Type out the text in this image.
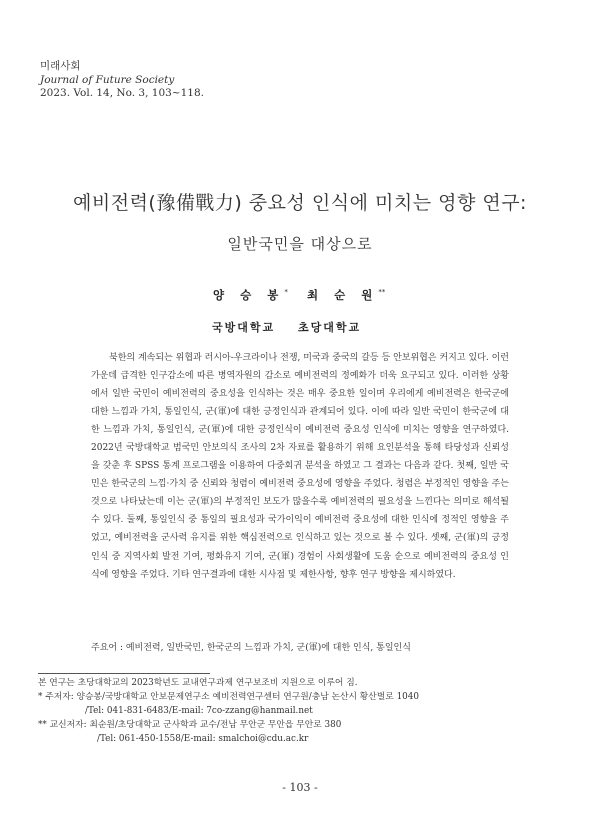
미래사회
Journal of Future Society
2023. Vol. 14, No. 3, 103~118.
예비전력(豫備戰力) 중요성 인식에 미치는 영향 연구:
일반국민을 대상으로
양 승 봉* 최 순 원**
국방대학교 초당대학교
북한의 계속되는 위협과 러시아-우크라이나 전쟁, 미국과 중국의 갈등 등 안보위협은 커지고 있다. 이런 가운데 급격한 인구감소에 따른 병역자원의 감소로 예비전력의 정예화가 더욱 요구되고 있다. 이러한 상황에서 일반 국민이 예비전력의 중요성을 인식하는 것은 매우 중요한 일이며 우리에게 예비전력은 한국군에 대한 느낌과 가치, 통일인식, 군(軍)에 대한 긍정인식과 관계되어 있다. 이에 따라 일반 국민이 한국군에 대한 느낌과 가치, 통일인식, 군(軍)에 대한 긍정인식이 예비전력 중요성 인식에 미치는 영향을 연구하였다. 2022년 국방대학교 범국민 안보의식 조사의 2차 자료를 활용하기 위해 요인분석을 통해 타당성과 신뢰성을 갖춘 후 SPSS 통계 프로그램을 이용하여 다중회귀 분석을 하였고 그 결과는 다음과 같다. 첫째, 일반 국민은 한국군의 느낌·가치 중 신뢰와 청렴이 예비전력 중요성에 영향을 주었다. 청렴은 부정적인 영향을 주는 것으로 나타났는데 이는 군(軍)의 부정적인 보도가 많을수록 예비전력의 필요성을 느낀다는 의미로 해석될 수 있다. 둘째, 통일인식 중 통일의 필요성과 국가이익이 예비전력 중요성에 대한 인식에 정적인 영향을 주었고, 예비전력을 군사력 유지를 위한 핵심전력으로 인식하고 있는 것으로 볼 수 있다. 셋째, 군(軍)의 긍정 인식 중 지역사회 발전 기여, 평화유지 기여, 군(軍) 경험이 사회생활에 도움 순으로 예비전력의 중요성 인식에 영향을 주었다. 기타 연구결과에 대한 시사점 및 제한사항, 향후 연구 방향을 제시하였다.
주요어 : 예비전력, 일반국민, 한국군의 느낌과 가치, 군(軍)에 대한 인식, 통일인식
본 연구는 초당대학교의 2023학년도 교내연구과제 연구보조비 지원으로 이루어 짐.
* 주저자: 양승봉/국방대학교 안보문제연구소 예비전력연구센터 연구원/충남 논산시 황산벌로 1040
/Tel: 041-831-6483/E-mail: 7co-zzang@hanmail.net
** 교신저자: 최순원/초당대학교 군사학과 교수/전남 무안군 무안읍 무안로 380
/Tel: 061-450-1558/E-mail: smalchoi@cdu.ac.kr
- 103 -
